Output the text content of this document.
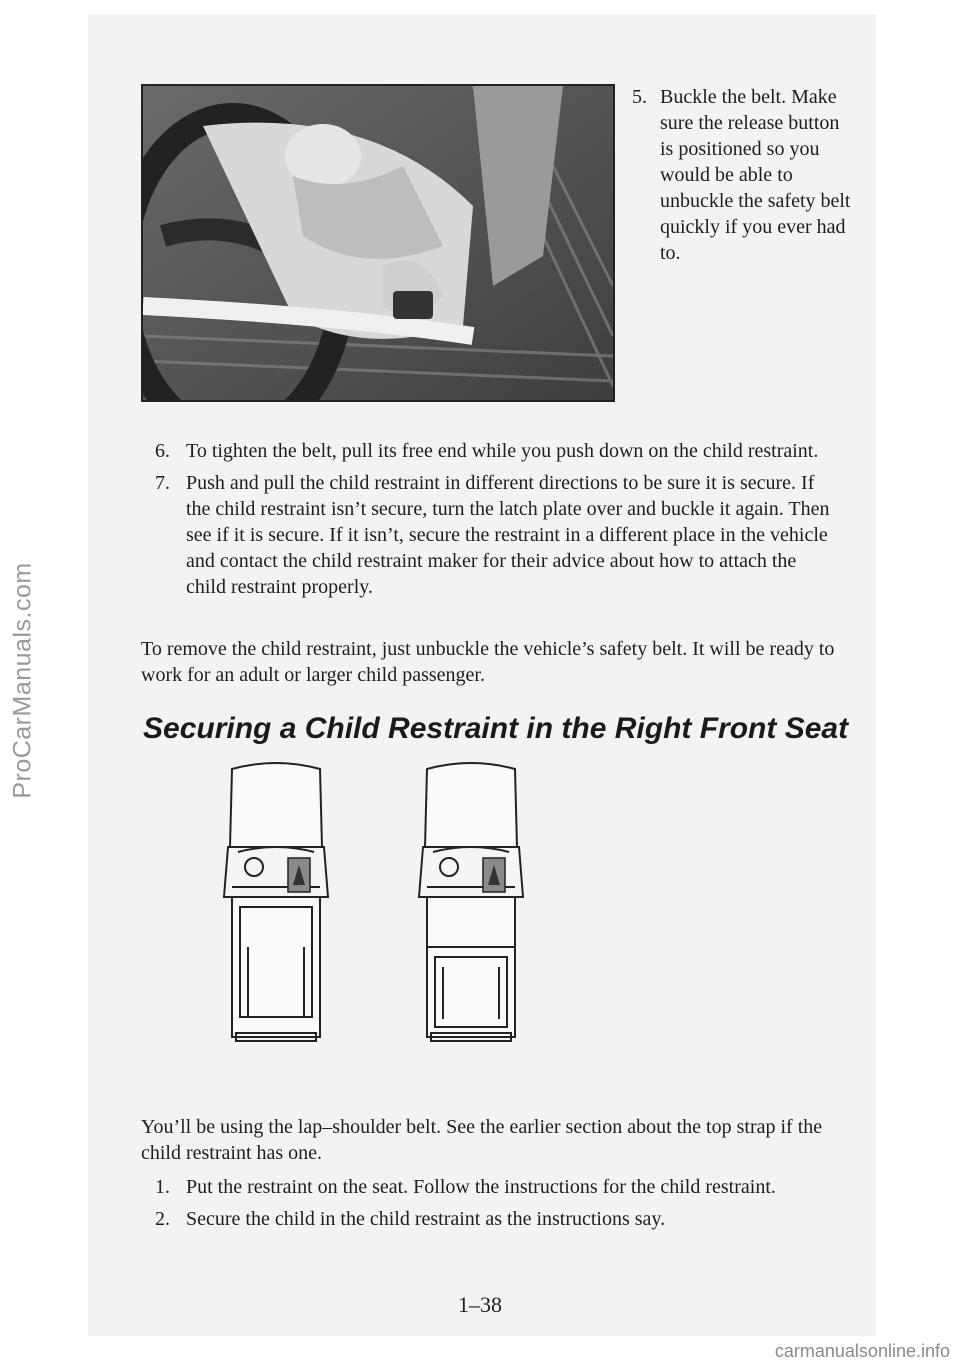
ProCarManuals.com
5. Buckle the belt. Make sure the release button is positioned so you would be able to unbuckle the safety belt quickly if you ever had to.
6. To tighten the belt, pull its free end while you push down on the child restraint.
7. Push and pull the child restraint in different directions to be sure it is secure. If the child restraint isn’t secure, turn the latch plate over and buckle it again. Then see if it is secure. If it isn’t, secure the restraint in a different place in the vehicle and contact the child restraint maker for their advice about how to attach the child restraint properly.
To remove the child restraint, just unbuckle the vehicle’s safety belt. It will be ready to work for an adult or larger child passenger.
Securing a Child Restraint in the Right Front Seat
You’ll be using the lap–shoulder belt. See the earlier section about the top strap if the child restraint has one.
1. Put the restraint on the seat. Follow the instructions for the child restraint.
2. Secure the child in the child restraint as the instructions say.
1–38
carmanualsonline.info
